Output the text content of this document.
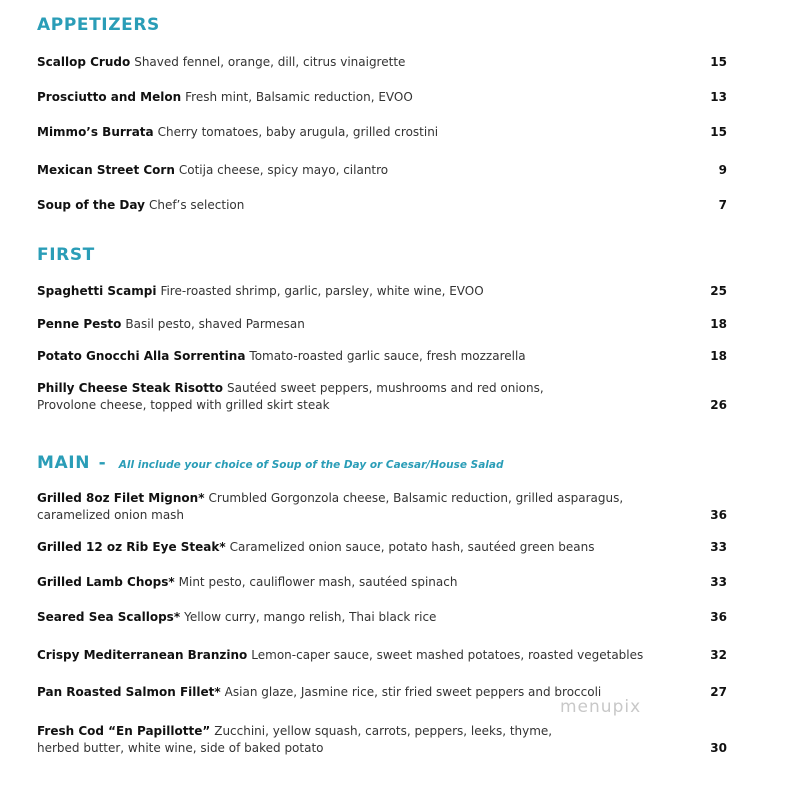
APPETIZERS
Scallop Crudo Shaved fennel, orange, dill, citrus vinaigrette	15
Prosciutto and Melon Fresh mint, Balsamic reduction, EVOO	13
Mimmo’s Burrata Cherry tomatoes, baby arugula, grilled crostini	15
Mexican Street Corn Cotija cheese, spicy mayo, cilantro	9
Soup of the Day Chef’s selection	7
FIRST
Spaghetti Scampi Fire-roasted shrimp, garlic, parsley, white wine, EVOO	25
Penne Pesto Basil pesto, shaved Parmesan	18
Potato Gnocchi Alla Sorrentina Tomato-roasted garlic sauce, fresh mozzarella	18
Philly Cheese Steak Risotto Sautéed sweet peppers, mushrooms and red onions, Provolone cheese, topped with grilled skirt steak	26
MAIN - All include your choice of Soup of the Day or Caesar/House Salad
Grilled 8oz Filet Mignon* Crumbled Gorgonzola cheese, Balsamic reduction, grilled asparagus, caramelized onion mash	36
Grilled 12 oz Rib Eye Steak* Caramelized onion sauce, potato hash, sautéed green beans	33
Grilled Lamb Chops* Mint pesto, cauliflower mash, sautéed spinach	33
Seared Sea Scallops* Yellow curry, mango relish, Thai black rice	36
Crispy Mediterranean Branzino Lemon-caper sauce, sweet mashed potatoes, roasted vegetables	32
Pan Roasted Salmon Fillet* Asian glaze, Jasmine rice, stir fried sweet peppers and broccoli	27
Fresh Cod “En Papillotte” Zucchini, yellow squash, carrots, peppers, leeks, thyme, herbed butter, white wine, side of baked potato	30
menupix
